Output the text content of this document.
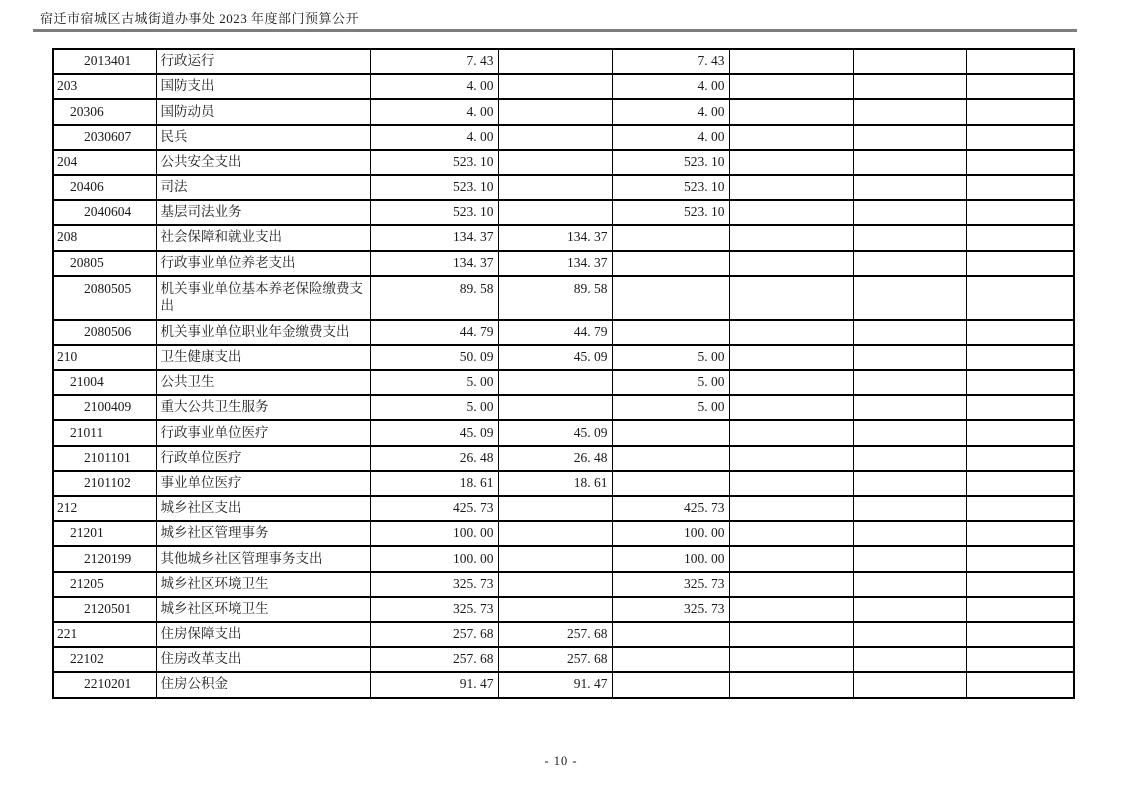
宿迁市宿城区古城街道办事处 2023 年度部门预算公开
2013401	行政运行	7. 43		7. 43			
203	国防支出	4. 00		4. 00			
20306	国防动员	4. 00		4. 00			
2030607	民兵	4. 00		4. 00			
204	公共安全支出	523. 10		523. 10			
20406	司法	523. 10		523. 10			
2040604	基层司法业务	523. 10		523. 10			
208	社会保障和就业支出	134. 37	134. 37				
20805	行政事业单位养老支出	134. 37	134. 37				
2080505	机关事业单位基本养老保险缴费支出	89. 58	89. 58				
2080506	机关事业单位职业年金缴费支出	44. 79	44. 79				
210	卫生健康支出	50. 09	45. 09	5. 00			
21004	公共卫生	5. 00		5. 00			
2100409	重大公共卫生服务	5. 00		5. 00			
21011	行政事业单位医疗	45. 09	45. 09				
2101101	行政单位医疗	26. 48	26. 48				
2101102	事业单位医疗	18. 61	18. 61				
212	城乡社区支出	425. 73		425. 73			
21201	城乡社区管理事务	100. 00		100. 00			
2120199	其他城乡社区管理事务支出	100. 00		100. 00			
21205	城乡社区环境卫生	325. 73		325. 73			
2120501	城乡社区环境卫生	325. 73		325. 73			
221	住房保障支出	257. 68	257. 68				
22102	住房改革支出	257. 68	257. 68				
2210201	住房公积金	91. 47	91. 47				
- 10 -
